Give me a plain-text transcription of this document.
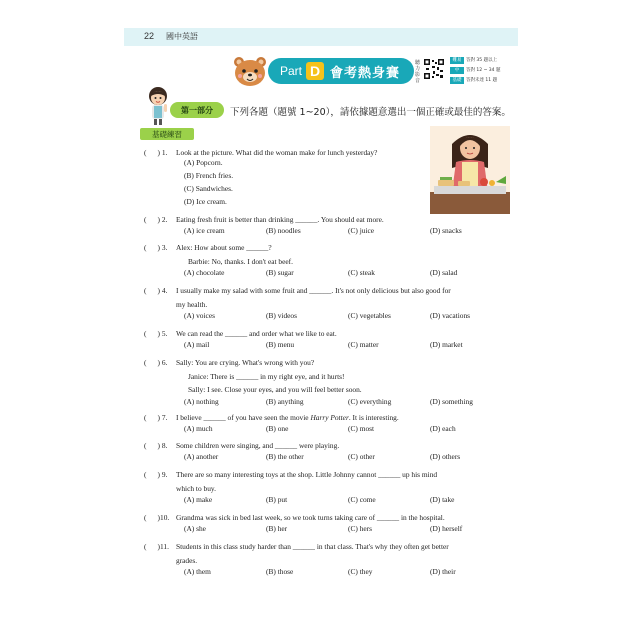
22 國中英語
Part D 會考熱身賽
聽力影音
難易	答對 35 題以上
中	答對 12 ~ 34 題
基礎	答對未達 11 題
第一部分	下列各題（題號 1~20），請依據題意選出一個正確或最佳的答案。
基礎練習
(      ) 1. Look at the picture. What did the woman make for lunch yesterday?
(A) Popcorn.
(B) French fries.
(C) Sandwiches.
(D) Ice cream.
(      ) 2. Eating fresh fruit is better than drinking ______. You should eat more.
(A) ice cream	(B) noodles	(C) juice	(D) snacks
(      ) 3. Alex: How about some ______?
Barbie: No, thanks. I don't eat beef.
(A) chocolate	(B) sugar	(C) steak	(D) salad
(      ) 4. I usually make my salad with some fruit and ______. It's not only delicious but also good for
my health.
(A) voices	(B) videos	(C) vegetables	(D) vacations
(      ) 5. We can read the ______ and order what we like to eat.
(A) mail	(B) menu	(C) matter	(D) market
(      ) 6. Sally: You are crying. What's wrong with you?
Janice: There is ______ in my right eye, and it hurts!
Sally: I see. Close your eyes, and you will feel better soon.
(A) nothing	(B) anything	(C) everything	(D) something
(      ) 7. I believe ______ of you have seen the movie Harry Potter. It is interesting.
(A) much	(B) one	(C) most	(D) each
(      ) 8. Some children were singing, and ______ were playing.
(A) another	(B) the other	(C) other	(D) others
(      ) 9. There are so many interesting toys at the shop. Little Johnny cannot ______ up his mind
which to buy.
(A) make	(B) put	(C) come	(D) take
(      )10. Grandma was sick in bed last week, so we took turns taking care of ______ in the hospital.
(A) she	(B) her	(C) hers	(D) herself
(      )11. Students in this class study harder than ______ in that class. That's why they often get better
grades.
(A) them	(B) those	(C) they	(D) their
